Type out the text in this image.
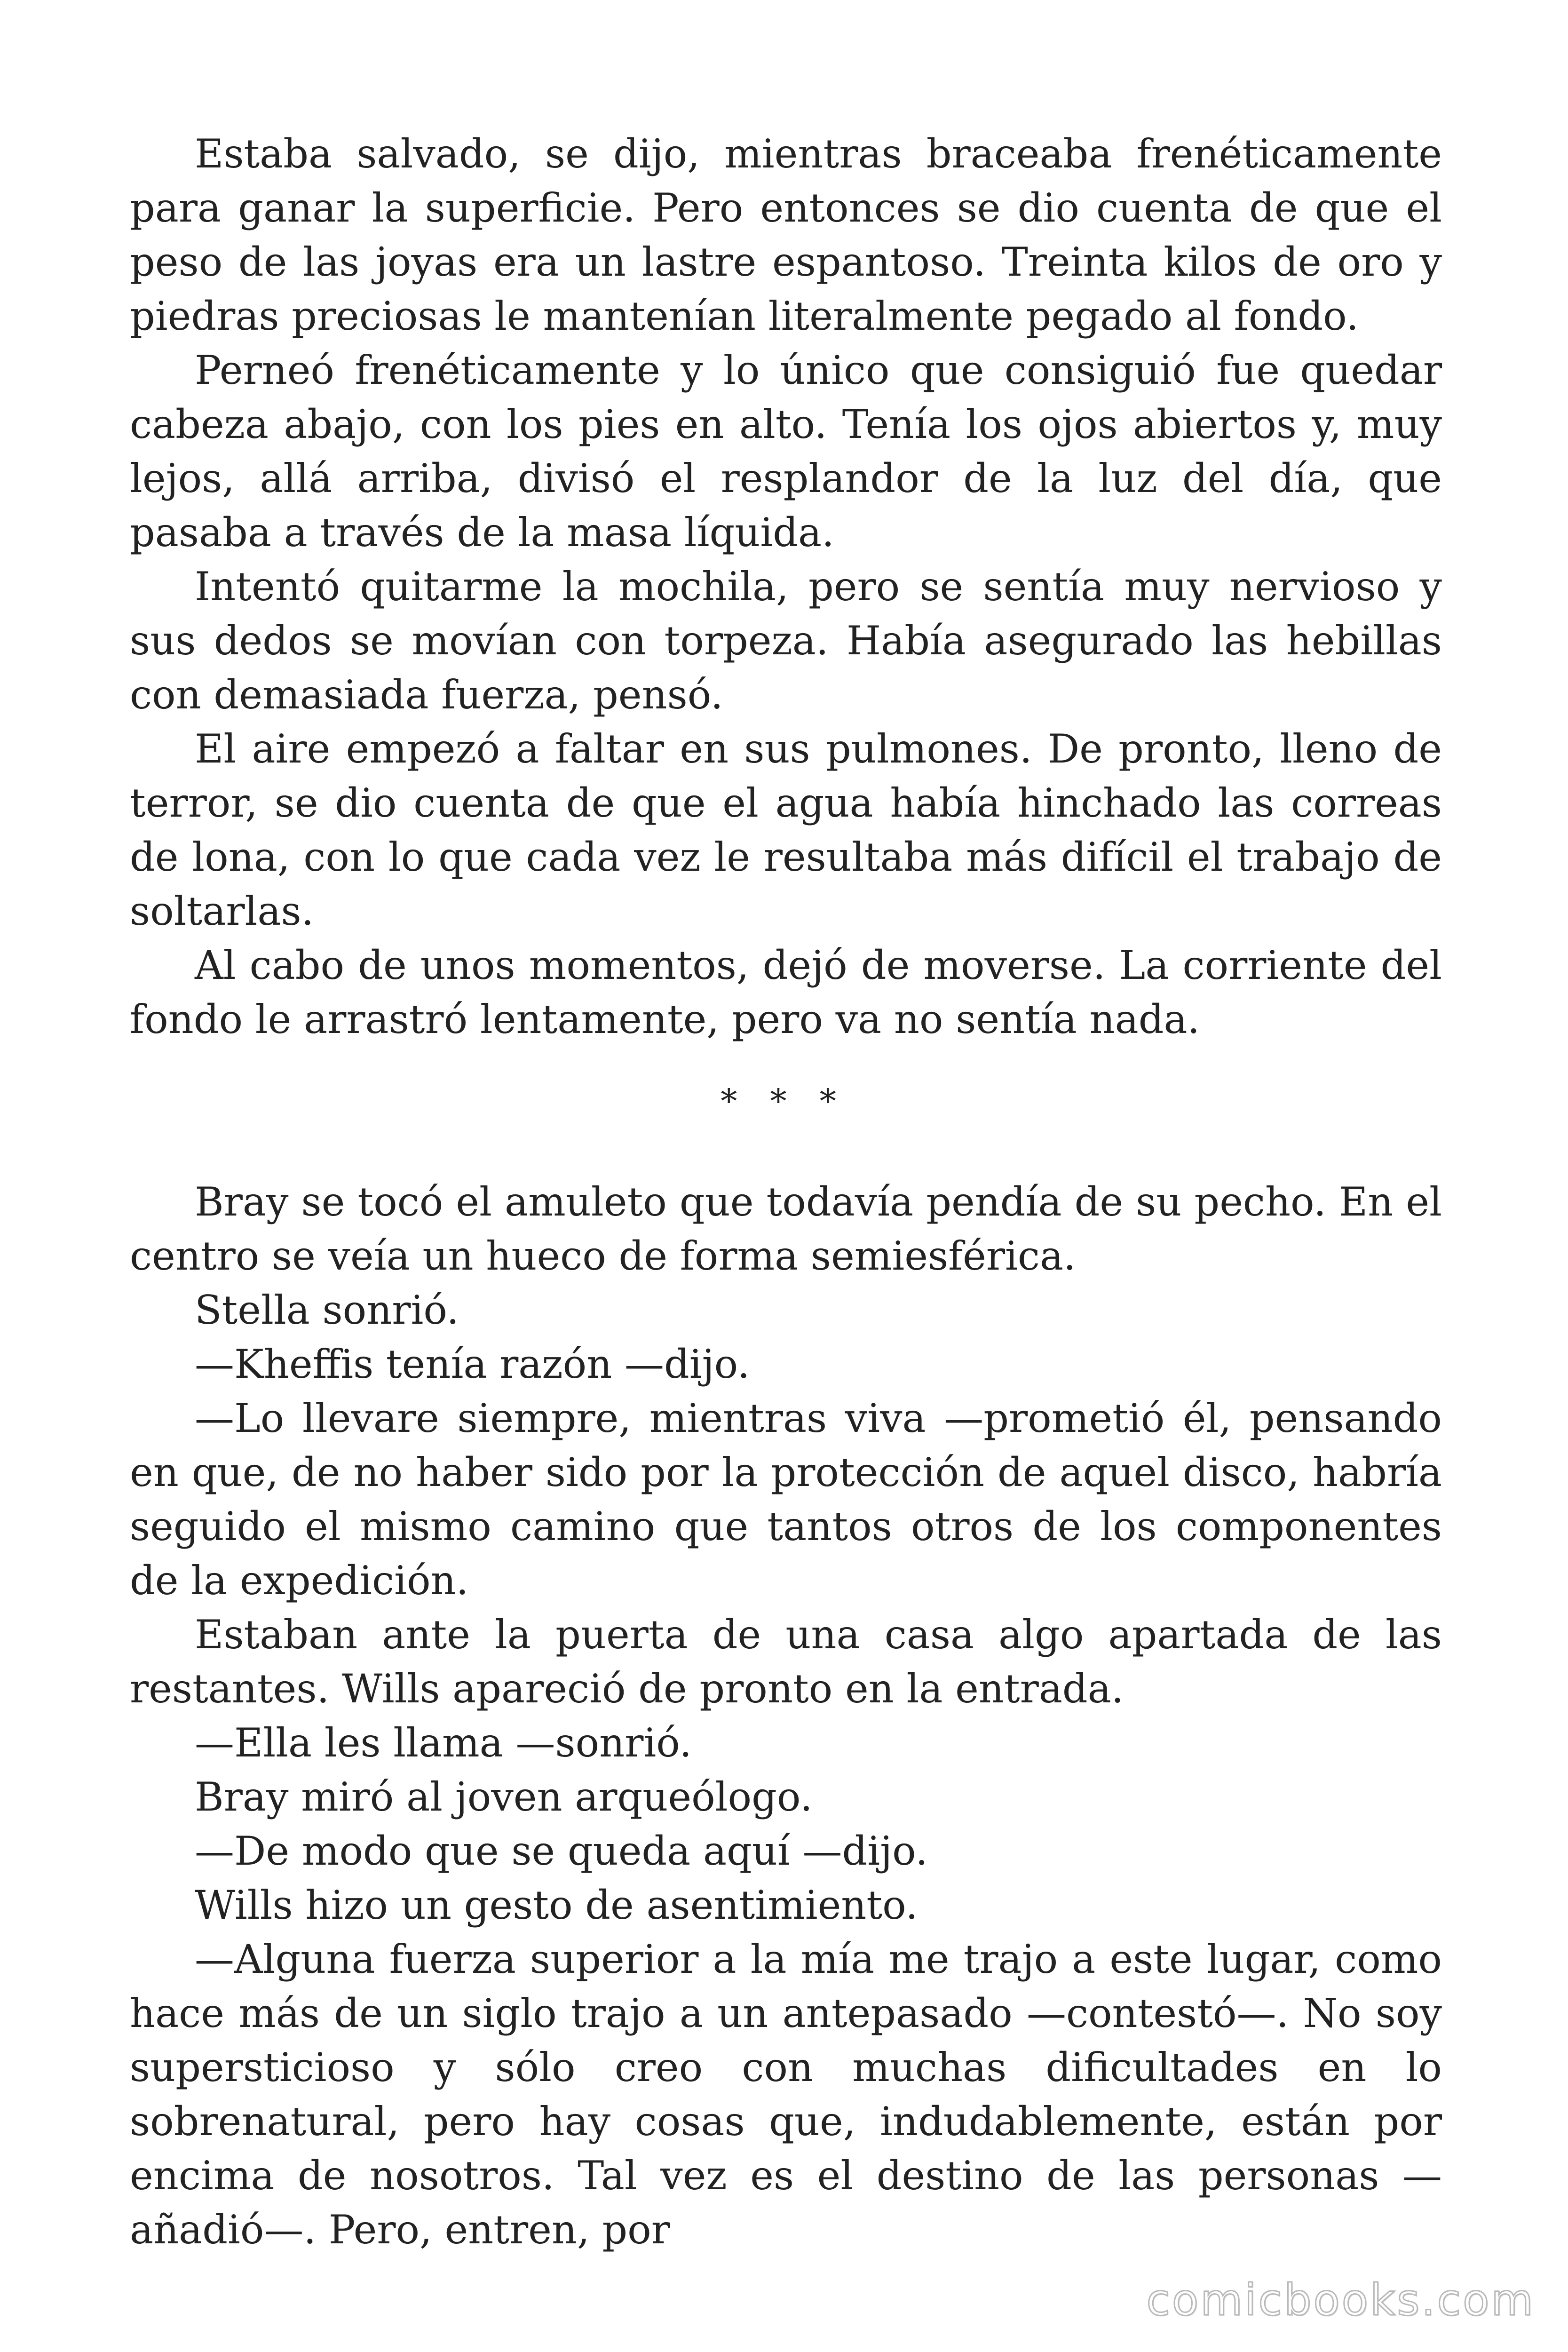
Estaba salvado, se dijo, mientras braceaba frenéticamente para ganar la superficie. Pero entonces se dio cuenta de que el peso de las joyas era un lastre espantoso. Treinta kilos de oro y piedras preciosas le mantenían literalmente pegado al fondo.

Perneó frenéticamente y lo único que consiguió fue quedar cabeza abajo, con los pies en alto. Tenía los ojos abiertos y, muy lejos, allá arriba, divisó el resplandor de la luz del día, que pasaba a través de la masa líquida.

Intentó quitarme la mochila, pero se sentía muy nervioso y sus dedos se movían con torpeza. Había asegurado las hebillas con demasiada fuerza, pensó.

El aire empezó a faltar en sus pulmones. De pronto, lleno de terror, se dio cuenta de que el agua había hinchado las correas de lona, con lo que cada vez le resultaba más difícil el trabajo de soltarlas.

Al cabo de unos momentos, dejó de moverse. La corriente del fondo le arrastró lentamente, pero va no sentía nada.

* * *

Bray se tocó el amuleto que todavía pendía de su pecho. En el centro se veía un hueco de forma semiesférica.

Stella sonrió.

—Kheffis tenía razón —dijo.

—Lo llevare siempre, mientras viva —prometió él, pensando en que, de no haber sido por la protección de aquel disco, habría seguido el mismo camino que tantos otros de los componentes de la expedición.

Estaban ante la puerta de una casa algo apartada de las restantes. Wills apareció de pronto en la entrada.

—Ella les llama —sonrió.

Bray miró al joven arqueólogo.

—De modo que se queda aquí —dijo.

Wills hizo un gesto de asentimiento.

—Alguna fuerza superior a la mía me trajo a este lugar, como hace más de un siglo trajo a un antepasado —contestó—. No soy supersticioso y sólo creo con muchas dificultades en lo sobrenatural, pero hay cosas que, indudablemente, están por encima de nosotros. Tal vez es el destino de las personas —añadió—. Pero, entren, por

comicbooks.com
